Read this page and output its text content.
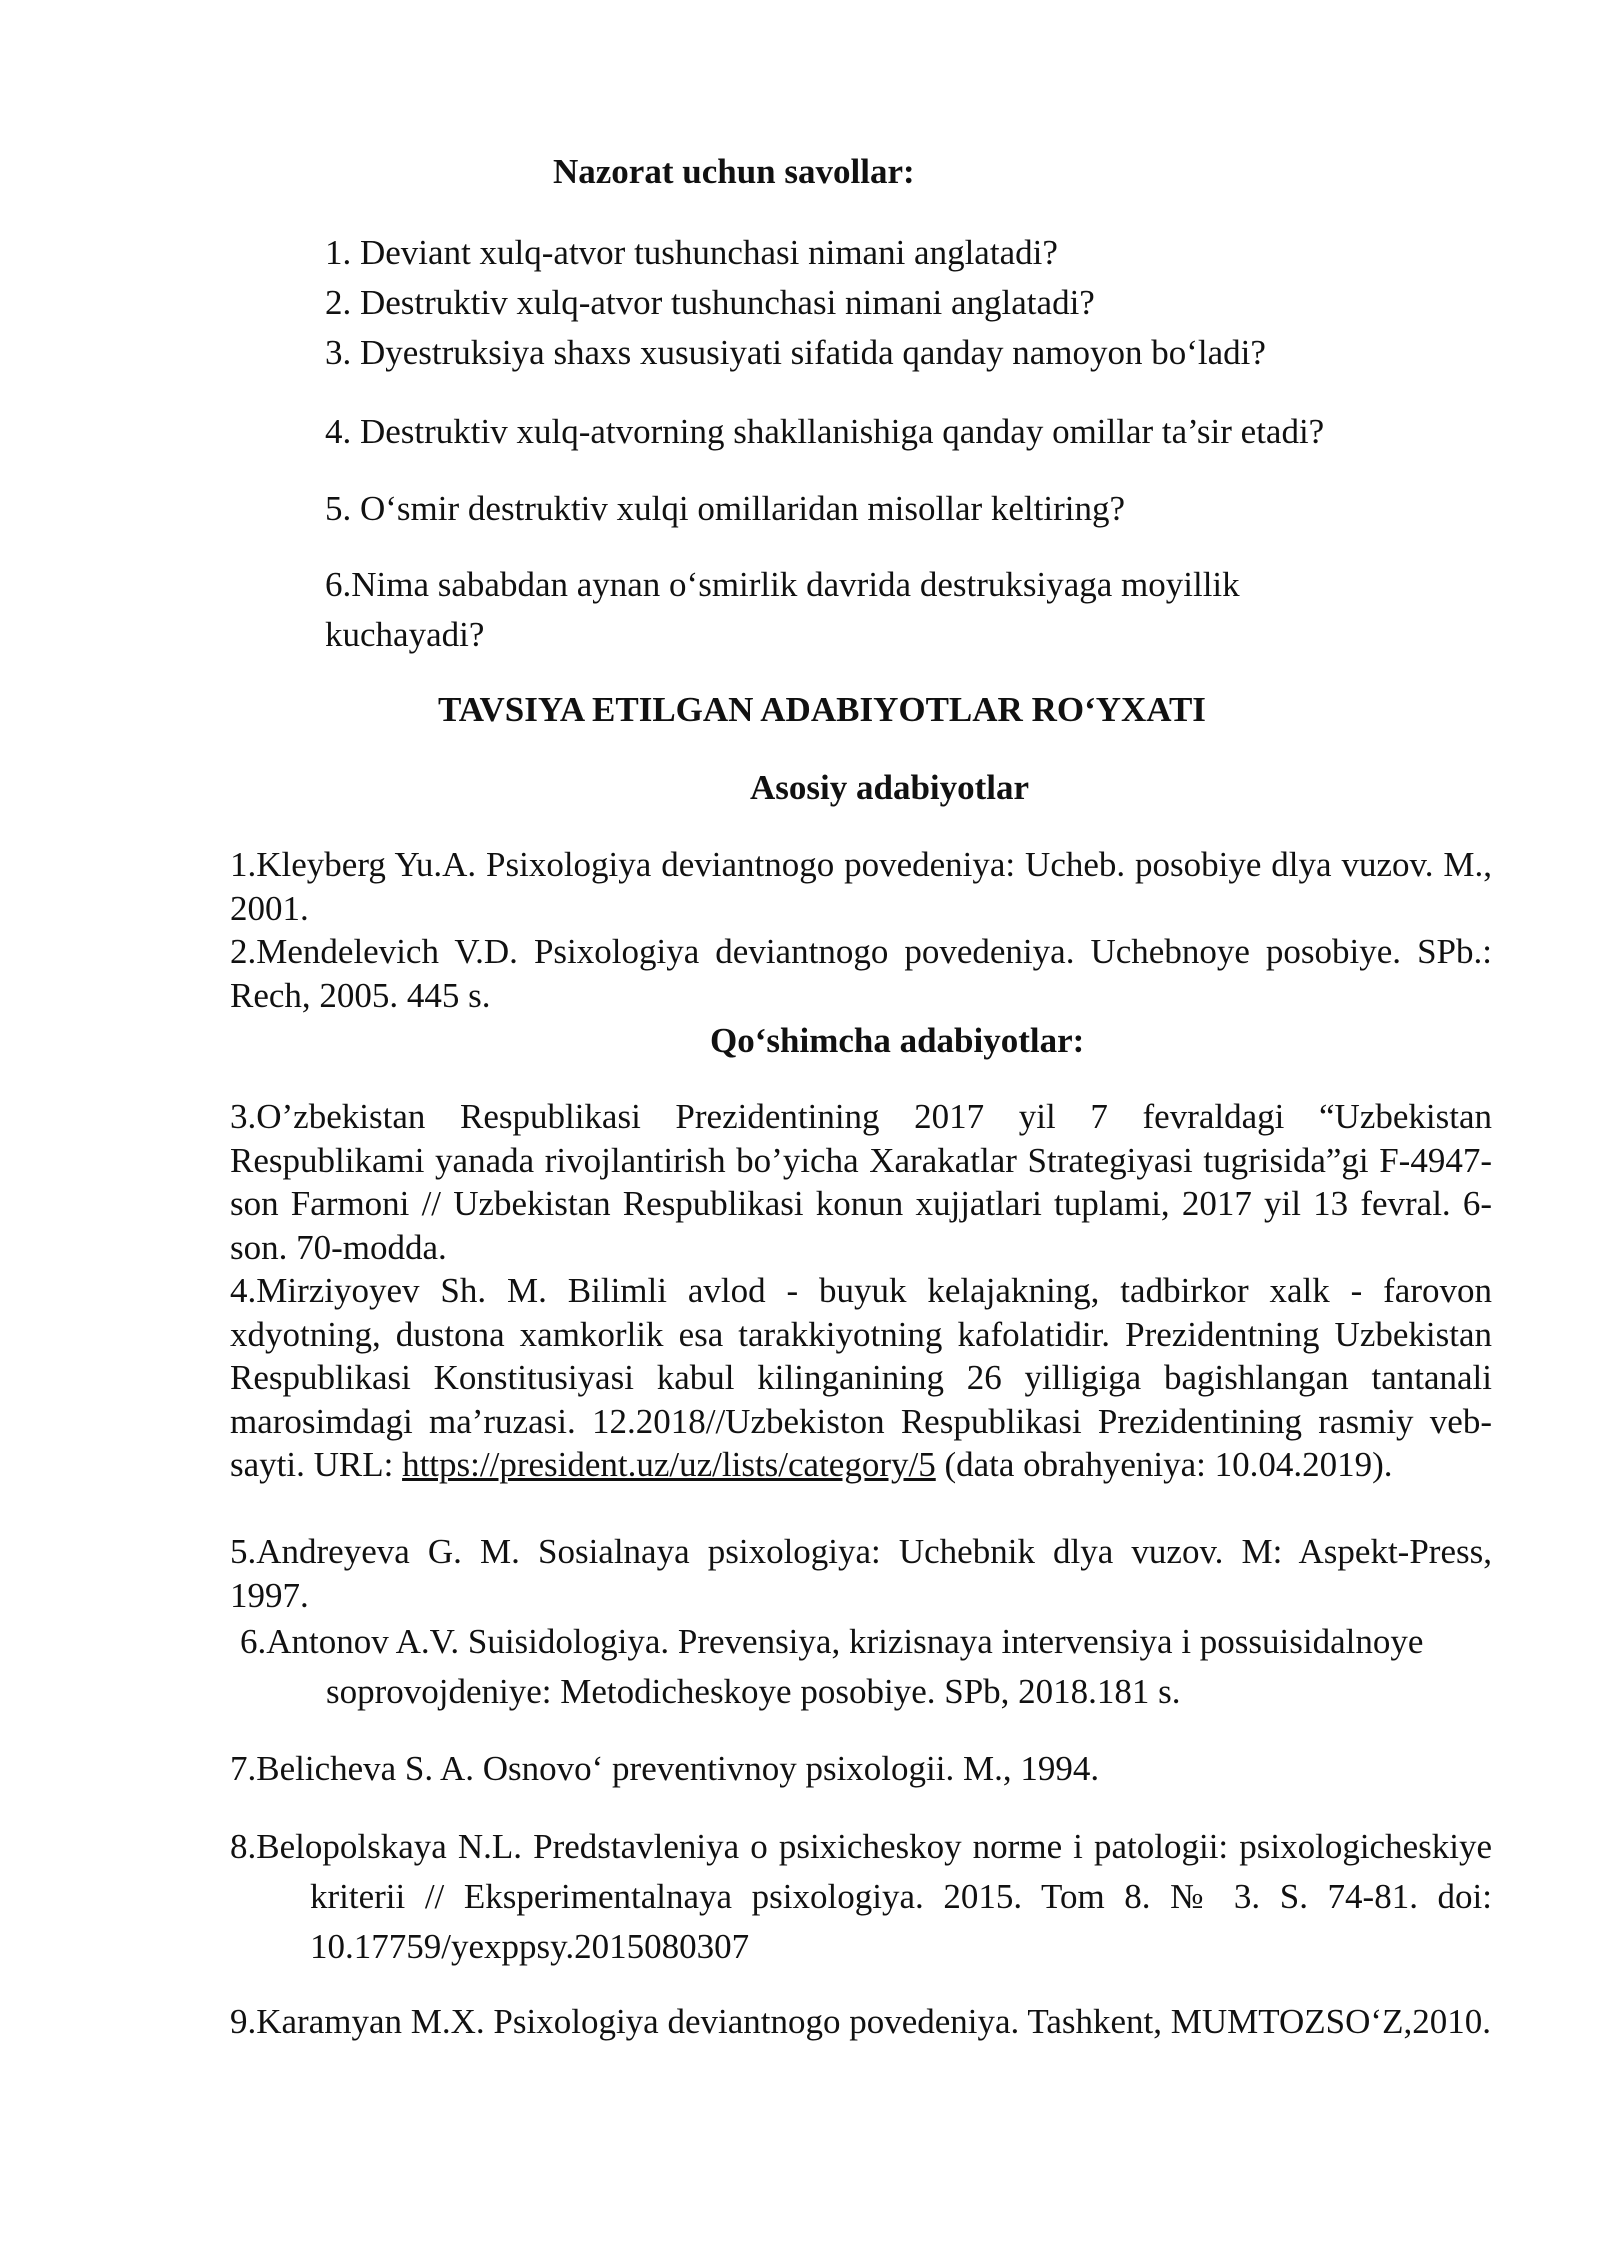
Nazorat uchun savollar:
1. Deviant xulq-atvor tushunchasi nimani anglatadi?
2. Destruktiv xulq-atvor tushunchasi nimani anglatadi?
3. Dyestruksiya shaxs xususiyati sifatida qanday namoyon bo‘ladi?
4. Destruktiv xulq-atvorning shakllanishiga qanday omillar ta’sir etadi?
5. O‘smir destruktiv xulqi omillaridan misollar keltiring?
6.Nima sababdan aynan o‘smirlik davrida destruksiyaga moyillik kuchayadi?
TAVSIYA ETILGAN ADABIYOTLAR RO‘YXATI
Asosiy adabiyotlar
1.Kleyberg Yu.A. Psixologiya deviantnogo povedeniya: Ucheb. posobiye dlya vuzov. M., 2001.
2.Mendelevich V.D. Psixologiya deviantnogo povedeniya. Uchebnoye posobiye. SPb.: Rech, 2005. 445 s.
Qo‘shimcha adabiyotlar:
3.O’zbekistan Respublikasi Prezidentining 2017 yil 7 fevraldagi “Uzbekistan Respublikami yanada rivojlantirish bo’yicha Xarakatlar Strategiyasi tugrisida”gi F-4947-son Farmoni // Uzbekistan Respublikasi konun xujjatlari tuplami, 2017 yil 13 fevral. 6-son. 70-modda.
4.Mirziyoyev Sh. M. Bilimli avlod - buyuk kelajakning, tadbirkor xalk - farovon xdyotning, dustona xamkorlik esa tarakkiyotning kafolatidir. Prezidentning Uzbekistan Respublikasi Konstitusiyasi kabul kilinganining 26 yilligiga bagishlangan tantanali marosimdagi ma’ruzasi. 12.2018//Uzbekiston Respublikasi Prezidentining rasmiy veb-sayti. URL: https://president.uz/uz/lists/category/5 (data obrahyeniya: 10.04.2019).
5.Andreyeva G. M. Sosialnaya psixologiya: Uchebnik dlya vuzov. M: Aspekt-Press, 1997.
6.Antonov A.V. Suisidologiya. Prevensiya, krizisnaya intervensiya i possuisidalnoye
soprovojdeniye: Metodicheskoye posobiye. SPb, 2018.181 s.
7.Belicheva S. A. Osnovo‘ preventivnoy psixologii. M., 1994.
8.Belopolskaya N.L. Predstavleniya o psixicheskoy norme i patologii: psixologicheskiye kriterii // Eksperimentalnaya psixologiya. 2015. Tom 8. № 3. S. 74-81. doi: 10.17759/yexppsy.2015080307
9.Karamyan M.X. Psixologiya deviantnogo povedeniya. Tashkent, MUMTOZSO‘Z,2010.
